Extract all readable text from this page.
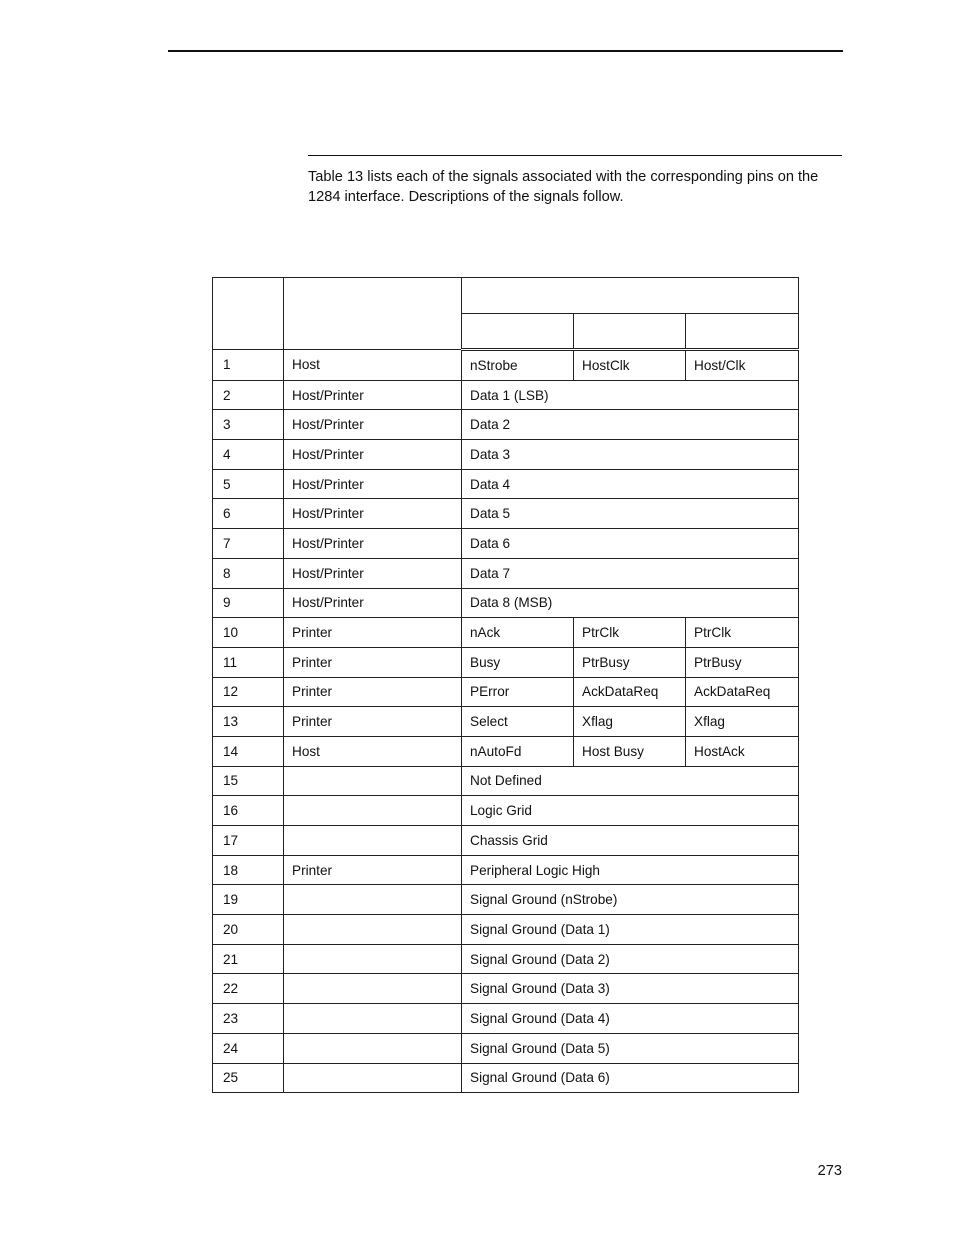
Table 13 lists each of the signals associated with the corresponding pins on the 1284 interface. Descriptions of the signals follow.

1	Host	nStrobe	HostClk	Host/Clk
2	Host/Printer	Data 1 (LSB)		
3	Host/Printer	Data 2		
4	Host/Printer	Data 3		
5	Host/Printer	Data 4		
6	Host/Printer	Data 5		
7	Host/Printer	Data 6		
8	Host/Printer	Data 7		
9	Host/Printer	Data 8 (MSB)		
10	Printer	nAck	PtrClk	PtrClk
11	Printer	Busy	PtrBusy	PtrBusy
12	Printer	PError	AckDataReq	AckDataReq
13	Printer	Select	Xflag	Xflag
14	Host	nAutoFd	Host Busy	HostAck
15		Not Defined		
16		Logic Grid		
17		Chassis Grid		
18	Printer	Peripheral Logic High		
19		Signal Ground (nStrobe)		
20		Signal Ground (Data 1)		
21		Signal Ground (Data 2)		
22		Signal Ground (Data 3)		
23		Signal Ground (Data 4)		
24		Signal Ground (Data 5)		
25		Signal Ground (Data 6)		
273
